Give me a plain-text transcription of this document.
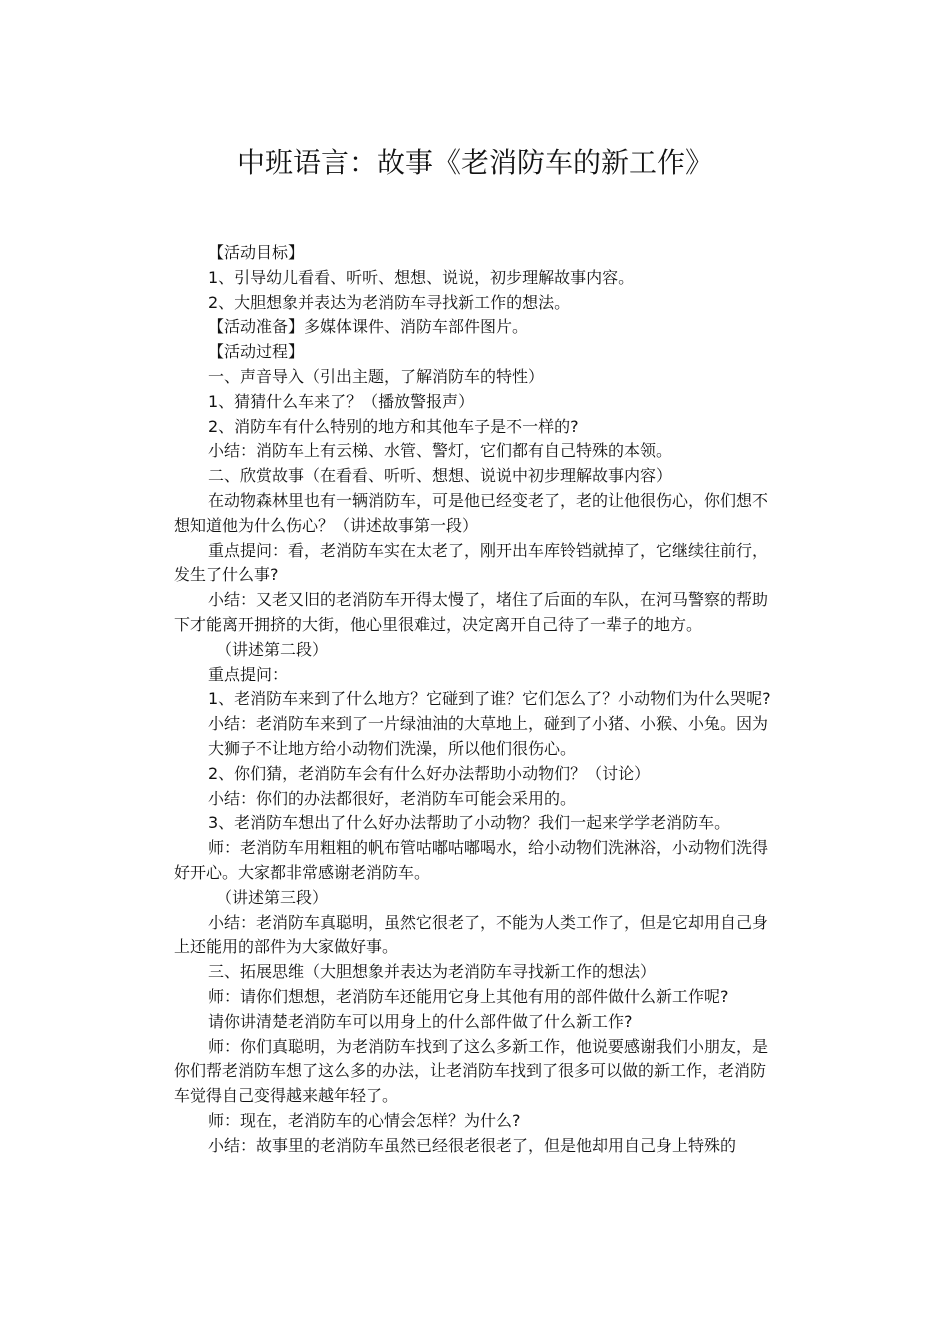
中班语言：故事《老消防车的新工作》

【活动目标】

1、引导幼儿看看、听听、想想、说说，初步理解故事内容。

2、大胆想象并表达为老消防车寻找新工作的想法。

【活动准备】多媒体课件、消防车部件图片。

【活动过程】

一、声音导入（引出主题，了解消防车的特性）

1、猜猜什么车来了？（播放警报声）

2、消防车有什么特别的地方和其他车子是不一样的?

小结：消防车上有云梯、水管、警灯，它们都有自己特殊的本领。

二、欣赏故事（在看看、听听、想想、说说中初步理解故事内容）

在动物森林里也有一辆消防车，可是他已经变老了，老的让他很伤心，你们想不想知道他为什么伤心？（讲述故事第一段）

重点提问：看，老消防车实在太老了，刚开出车库铃铛就掉了，它继续往前行，发生了什么事?

小结：又老又旧的老消防车开得太慢了，堵住了后面的车队，在河马警察的帮助下才能离开拥挤的大街，他心里很难过，决定离开自己待了一辈子的地方。

（讲述第二段）

重点提问：

1、老消防车来到了什么地方？它碰到了谁？它们怎么了？小动物们为什么哭呢?

小结：老消防车来到了一片绿油油的大草地上，碰到了小猪、小猴、小兔。因为

大狮子不让地方给小动物们洗澡，所以他们很伤心。

2、你们猜，老消防车会有什么好办法帮助小动物们？（讨论）

小结：你们的办法都很好，老消防车可能会采用的。

3、老消防车想出了什么好办法帮助了小动物？我们一起来学学老消防车。

师：老消防车用粗粗的帆布管咕嘟咕嘟喝水，给小动物们洗淋浴，小动物们洗得好开心。大家都非常感谢老消防车。

（讲述第三段）

小结：老消防车真聪明，虽然它很老了，不能为人类工作了，但是它却用自己身上还能用的部件为大家做好事。

三、拓展思维（大胆想象并表达为老消防车寻找新工作的想法）

师：请你们想想，老消防车还能用它身上其他有用的部件做什么新工作呢?

请你讲清楚老消防车可以用身上的什么部件做了什么新工作?

师：你们真聪明，为老消防车找到了这么多新工作，他说要感谢我们小朋友，是你们帮老消防车想了这么多的办法，让老消防车找到了很多可以做的新工作，老消防车觉得自己变得越来越年轻了。

师：现在，老消防车的心情会怎样？为什么?

小结：故事里的老消防车虽然已经很老很老了，但是他却用自己身上特殊的
